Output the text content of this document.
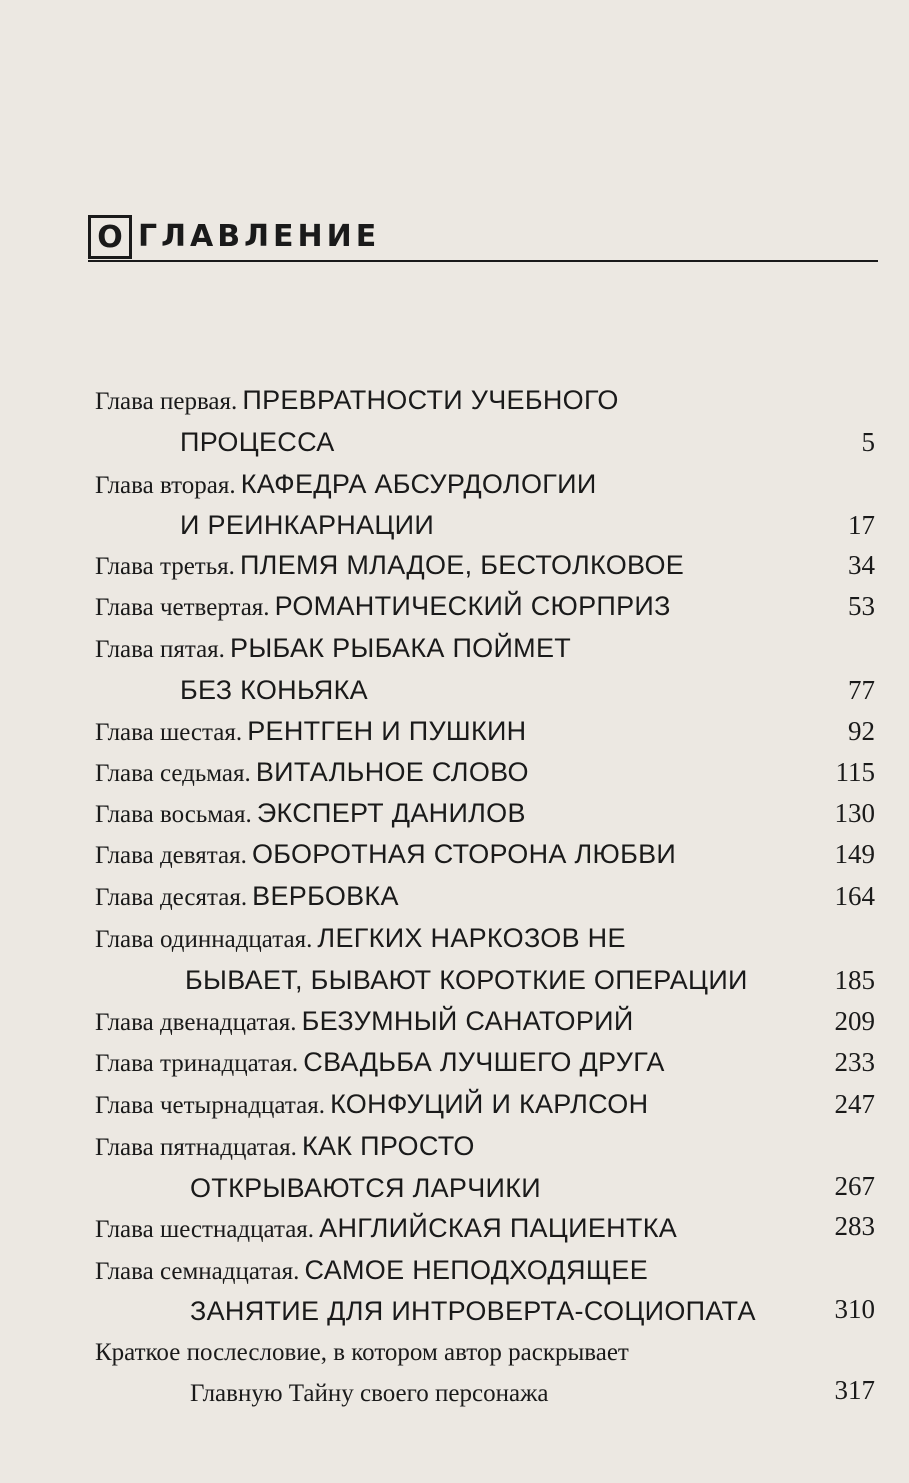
О ГЛАВЛЕНИЕ
Глава первая. ПРЕВРАТНОСТИ УЧЕБНОГО
ПРОЦЕССА	5
Глава вторая. КАФЕДРА АБСУРДОЛОГИИ
И РЕИНКАРНАЦИИ	17
Глава третья. ПЛЕМЯ МЛАДОЕ, БЕСТОЛКОВОЕ	34
Глава четвертая. РОМАНТИЧЕСКИЙ СЮРПРИЗ	53
Глава пятая. РЫБАК РЫБАКА ПОЙМЕТ
БЕЗ КОНЬЯКА	77
Глава шестая. РЕНТГЕН И ПУШКИН	92
Глава седьмая. ВИТАЛЬНОЕ СЛОВО	115
Глава восьмая. ЭКСПЕРТ ДАНИЛОВ	130
Глава девятая. ОБОРОТНАЯ СТОРОНА ЛЮБВИ	149
Глава десятая. ВЕРБОВКА	164
Глава одиннадцатая. ЛЕГКИХ НАРКОЗОВ НЕ
БЫВАЕТ, БЫВАЮТ КОРОТКИЕ ОПЕРАЦИИ	185
Глава двенадцатая. БЕЗУМНЫЙ САНАТОРИЙ	209
Глава тринадцатая. СВАДЬБА ЛУЧШЕГО ДРУГА	233
Глава четырнадцатая. КОНФУЦИЙ И КАРЛСОН	247
Глава пятнадцатая. КАК ПРОСТО
ОТКРЫВАЮТСЯ ЛАРЧИКИ	267
Глава шестнадцатая. АНГЛИЙСКАЯ ПАЦИЕНТКА	283
Глава семнадцатая. САМОЕ НЕПОДХОДЯЩЕЕ
ЗАНЯТИЕ ДЛЯ ИНТРОВЕРТА-СОЦИОПАТА	310
Краткое послесловие, в котором автор раскрывает
Главную Тайну своего персонажа	317
